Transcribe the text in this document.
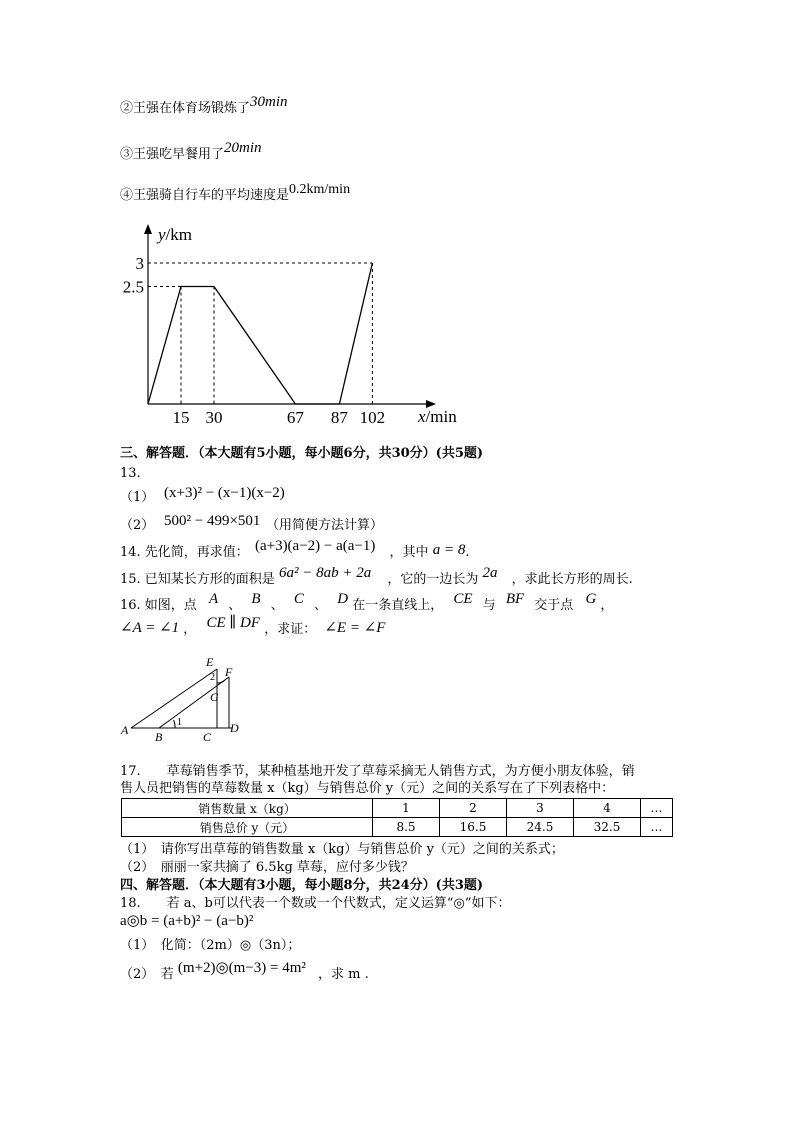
②王强在体育场锻炼了30min
③王强吃早餐用了20min
④王强骑自行车的平均速度是0.2km/min
y/km
x/min
3
2.5
15 30	67 87 102
三、解答题．（本大题有5小题，每小题6分，共30分）(共5题)
13.
（1） (x+3)² − (x−1)(x−2)
（2） 500² − 499×501 （用简便方法计算）
14. 先化简，再求值： (a+3)(a−2) − a(a−1) ，其中 a = 8.
15. 已知某长方形的面积是 6a² − 8ab + 2a ，它的一边长为 2a ，求此长方形的周长.
16. 如图，点 A 、 B 、 C 、 D 在一条直线上， CE 与 BF 交于点 G ，
∠A = ∠1 ， CE ∥ DF ，求证： ∠E = ∠F
E
F
G
A B	C
D
1
2
17.　　草莓销售季节，某种植基地开发了草莓采摘无人销售方式，为方便小朋友体验，销
售人员把销售的草莓数量 x（kg）与销售总价 y（元）之间的关系写在了下列表格中：
销售数量 x（kg）	1	2	3	4	…
销售总价 y（元）	8.5	16.5	24.5	32.5	…
（1）　请你写出草莓的销售数量 x（kg）与销售总价 y（元）之间的关系式；
（2）　丽丽一家共摘了 6.5kg 草莓，应付多少钱？
四、解答题．（本大题有3小题，每小题8分，共24分）(共3题)
18.　　若 a、b可以代表一个数或一个代数式，定义运算“◎”如下：
a◎b = (a+b)² − (a−b)²
（1）　化简：（2m）◎（3n）；
（2）　若 (m+2)◎(m−3) = 4m² ，求 m .
